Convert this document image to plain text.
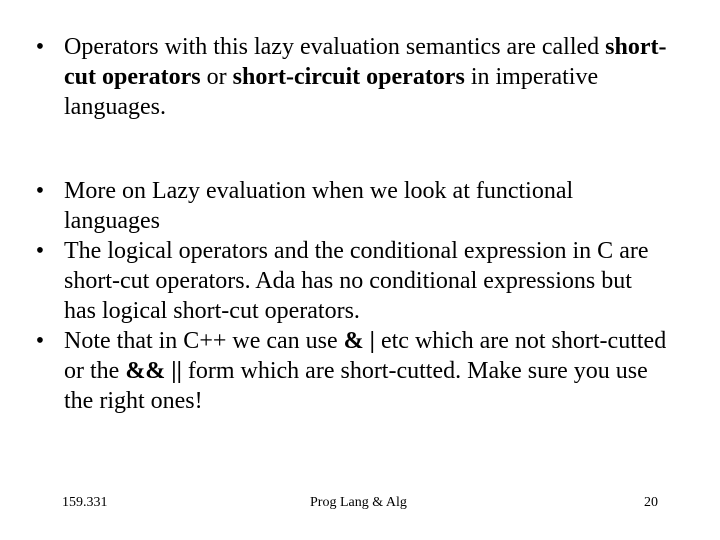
• Operators with this lazy evaluation semantics are called short-cut operators or short-circuit operators in imperative languages.

• More on Lazy evaluation when we look at functional languages

• The logical operators and the conditional expression in C are short-cut operators. Ada has no conditional expressions but has logical short-cut operators.

• Note that in C++ we can use & | etc which are not short-cutted or the && || form which are short-cutted. Make sure you use the right ones!

159.331	Prog Lang & Alg	20
